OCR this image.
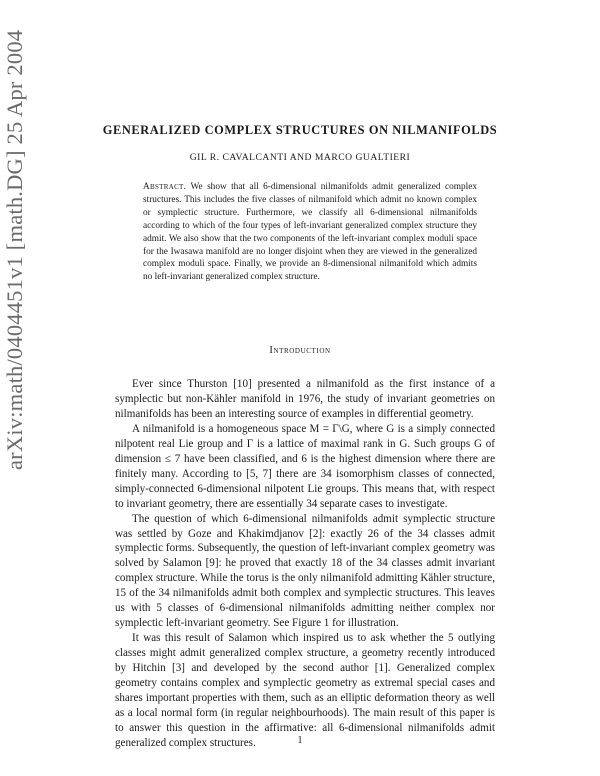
arXiv:math/0404451v1 [math.DG] 25 Apr 2004	GENERALIZED COMPLEX STRUCTURES ON NILMANIFOLDS
GIL R. CAVALCANTI AND MARCO GUALTIERI
Abstract. We show that all 6-dimensional nilmanifolds admit generalized complex structures. This includes the five classes of nilmanifold which admit no known complex or symplectic structure. Furthermore, we classify all 6-dimensional nilmanifolds according to which of the four types of left-invariant generalized complex structure they admit. We also show that the two components of the left-invariant complex moduli space for the Iwasawa manifold are no longer disjoint when they are viewed in the generalized complex moduli space. Finally, we provide an 8-dimensional nilmanifold which admits no left-invariant generalized complex structure.
Introduction

Ever since Thurston [10] presented a nilmanifold as the first instance of a symplectic but non-Kähler manifold in 1976, the study of invariant geometries on nilmanifolds has been an interesting source of examples in differential geometry.

A nilmanifold is a homogeneous space M = Γ\G, where G is a simply connected nilpotent real Lie group and Γ is a lattice of maximal rank in G. Such groups G of dimension ≤ 7 have been classified, and 6 is the highest dimension where there are finitely many. According to [5, 7] there are 34 isomorphism classes of connected, simply-connected 6-dimensional nilpotent Lie groups. This means that, with respect to invariant geometry, there are essentially 34 separate cases to investigate.

The question of which 6-dimensional nilmanifolds admit symplectic structure was settled by Goze and Khakimdjanov [2]: exactly 26 of the 34 classes admit symplectic forms. Subsequently, the question of left-invariant complex geometry was solved by Salamon [9]: he proved that exactly 18 of the 34 classes admit invariant complex structure. While the torus is the only nilmanifold admitting Kähler structure, 15 of the 34 nilmanifolds admit both complex and symplectic structures. This leaves us with 5 classes of 6-dimensional nilmanifolds admitting neither complex nor symplectic left-invariant geometry. See Figure 1 for illustration.

It was this result of Salamon which inspired us to ask whether the 5 outlying classes might admit generalized complex structure, a geometry recently introduced by Hitchin [3] and developed by the second author [1]. Generalized complex geometry contains complex and symplectic geometry as extremal special cases and shares important properties with them, such as an elliptic deformation theory as well as a local normal form (in regular neighbourhoods). The main result of this paper is to answer this question in the affirmative: all 6-dimensional nilmanifolds admit generalized complex structures.	1
